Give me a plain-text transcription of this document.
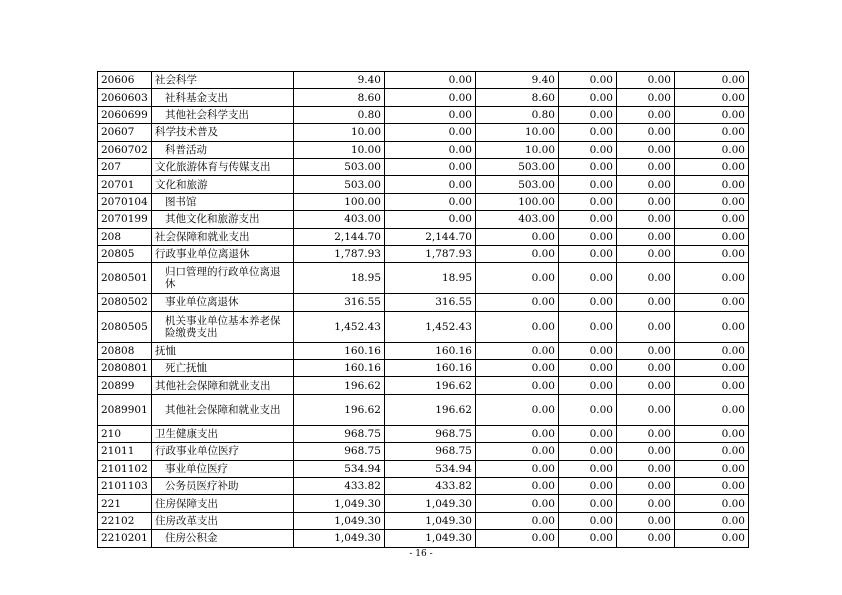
20606	社会科学	9.40	0.00	9.40	0.00	0.00	0.00
2060603	社科基金支出	8.60	0.00	8.60	0.00	0.00	0.00
2060699	其他社会科学支出	0.80	0.00	0.80	0.00	0.00	0.00
20607	科学技术普及	10.00	0.00	10.00	0.00	0.00	0.00
2060702	科普活动	10.00	0.00	10.00	0.00	0.00	0.00
207	文化旅游体育与传媒支出	503.00	0.00	503.00	0.00	0.00	0.00
20701	文化和旅游	503.00	0.00	503.00	0.00	0.00	0.00
2070104	图书馆	100.00	0.00	100.00	0.00	0.00	0.00
2070199	其他文化和旅游支出	403.00	0.00	403.00	0.00	0.00	0.00
208	社会保障和就业支出	2,144.70	2,144.70	0.00	0.00	0.00	0.00
20805	行政事业单位离退休	1,787.93	1,787.93	0.00	0.00	0.00	0.00
2080501	归口管理的行政单位离退休	18.95	18.95	0.00	0.00	0.00	0.00
2080502	事业单位离退休	316.55	316.55	0.00	0.00	0.00	0.00
2080505	机关事业单位基本养老保险缴费支出	1,452.43	1,452.43	0.00	0.00	0.00	0.00
20808	抚恤	160.16	160.16	0.00	0.00	0.00	0.00
2080801	死亡抚恤	160.16	160.16	0.00	0.00	0.00	0.00
20899	其他社会保障和就业支出	196.62	196.62	0.00	0.00	0.00	0.00
2089901	其他社会保障和就业支出	196.62	196.62	0.00	0.00	0.00	0.00
210	卫生健康支出	968.75	968.75	0.00	0.00	0.00	0.00
21011	行政事业单位医疗	968.75	968.75	0.00	0.00	0.00	0.00
2101102	事业单位医疗	534.94	534.94	0.00	0.00	0.00	0.00
2101103	公务员医疗补助	433.82	433.82	0.00	0.00	0.00	0.00
221	住房保障支出	1,049.30	1,049.30	0.00	0.00	0.00	0.00
22102	住房改革支出	1,049.30	1,049.30	0.00	0.00	0.00	0.00
2210201	住房公积金	1,049.30	1,049.30	0.00	0.00	0.00	0.00
- 16 -
